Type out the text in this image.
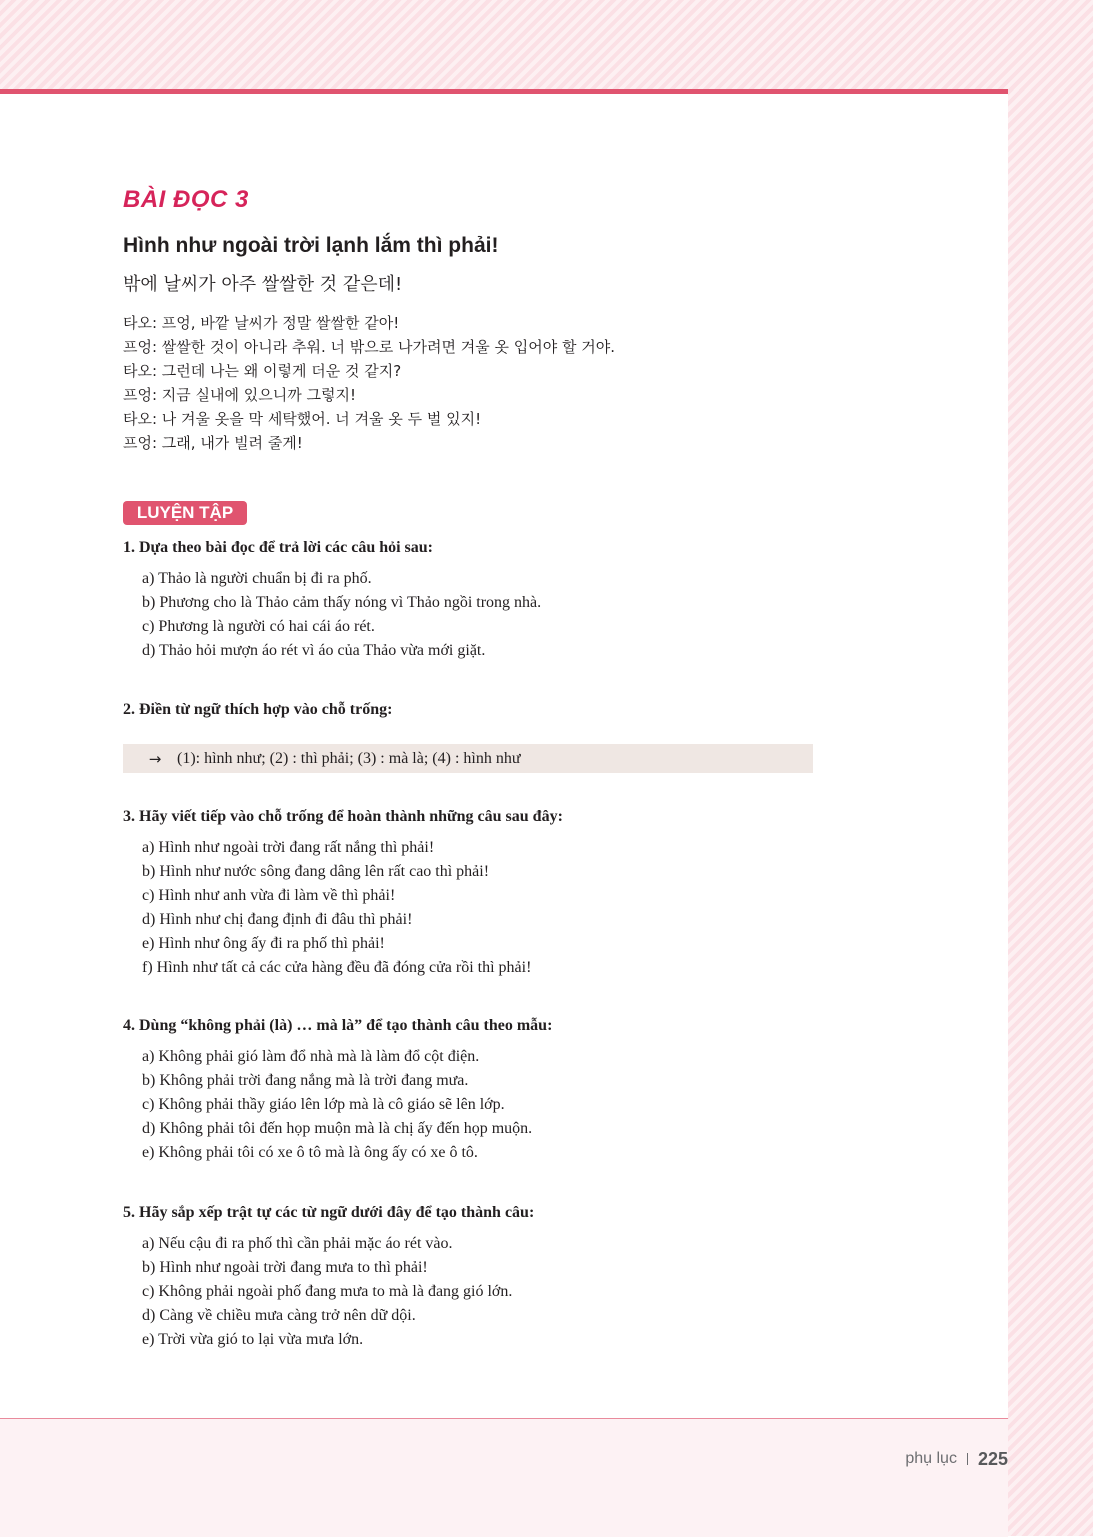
BÀI ĐỌC 3
Hình như ngoài trời lạnh lắm thì phải!
밖에 날씨가 아주 쌀쌀한 것 같은데!
타오: 프엉, 바깥 날씨가 정말 쌀쌀한 같아!
프엉: 쌀쌀한 것이 아니라 추워. 너 밖으로 나가려면 겨울 옷 입어야 할 거야.
타오: 그런데 나는 왜 이렇게 더운 것 같지?
프엉: 지금 실내에 있으니까 그렇지!
타오: 나 겨울 옷을 막 세탁했어. 너 겨울 옷 두 벌 있지!
프엉: 그래, 내가 빌려 줄게!
LUYỆN TẬP
1. Dựa theo bài đọc để trả lời các câu hỏi sau:
a) Thảo là người chuẩn bị đi ra phố.
b) Phương cho là Thảo cảm thấy nóng vì Thảo ngồi trong nhà.
c) Phương là người có hai cái áo rét.
d) Thảo hỏi mượn áo rét vì áo của Thảo vừa mới giặt.
2. Điền từ ngữ thích hợp vào chỗ trống:
→ (1): hình như; (2) : thì phải; (3) : mà là; (4) : hình như
3. Hãy viết tiếp vào chỗ trống để hoàn thành những câu sau đây:
a) Hình như ngoài trời đang rất nắng thì phải!
b) Hình như nước sông đang dâng lên rất cao thì phải!
c) Hình như anh vừa đi làm về thì phải!
d) Hình như chị đang định đi đâu thì phải!
e) Hình như ông ấy đi ra phố thì phải!
f) Hình như tất cả các cửa hàng đều đã đóng cửa rồi thì phải!
4. Dùng “không phải (là) … mà là” để tạo thành câu theo mẫu:
a) Không phải gió làm đổ nhà mà là làm đổ cột điện.
b) Không phải trời đang nắng mà là trời đang mưa.
c) Không phải thầy giáo lên lớp mà là cô giáo sẽ lên lớp.
d) Không phải tôi đến họp muộn mà là chị ấy đến họp muộn.
e) Không phải tôi có xe ô tô mà là ông ấy có xe ô tô.
5. Hãy sắp xếp trật tự các từ ngữ dưới đây để tạo thành câu:
a) Nếu cậu đi ra phố thì cần phải mặc áo rét vào.
b) Hình như ngoài trời đang mưa to thì phải!
c) Không phải ngoài phố đang mưa to mà là đang gió lớn.
d) Càng về chiều mưa càng trở nên dữ dội.
e) Trời vừa gió to lại vừa mưa lớn.
phụ lục 225
